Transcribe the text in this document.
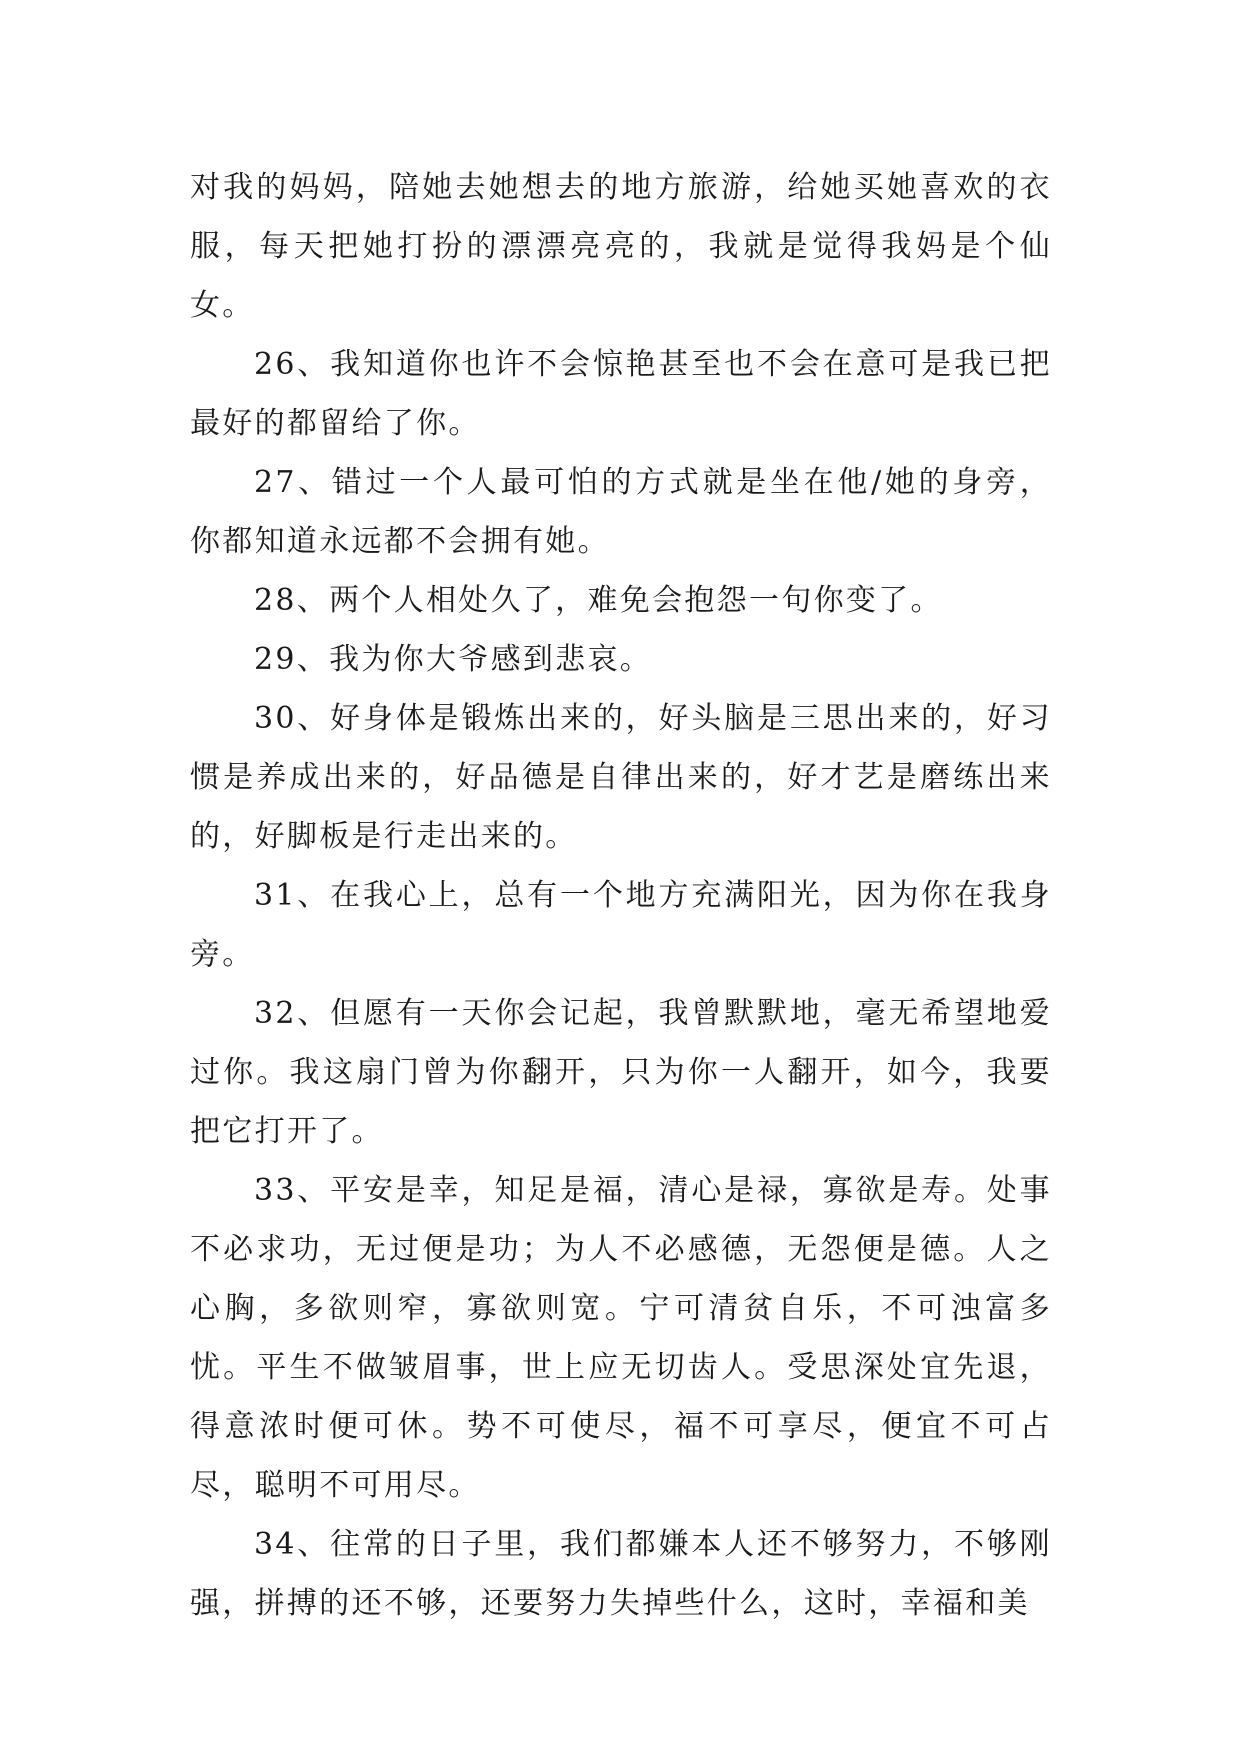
对我的妈妈，陪她去她想去的地方旅游，给她买她喜欢的衣服，每天把她打扮的漂漂亮亮的，我就是觉得我妈是个仙女。

26、我知道你也许不会惊艳甚至也不会在意可是我已把最好的都留给了你。

27、错过一个人最可怕的方式就是坐在他/她的身旁，你都知道永远都不会拥有她。

28、两个人相处久了，难免会抱怨一句你变了。

29、我为你大爷感到悲哀。

30、好身体是锻炼出来的，好头脑是三思出来的，好习惯是养成出来的，好品德是自律出来的，好才艺是磨练出来的，好脚板是行走出来的。

31、在我心上，总有一个地方充满阳光，因为你在我身旁。

32、但愿有一天你会记起，我曾默默地，毫无希望地爱过你。我这扇门曾为你翻开，只为你一人翻开，如今，我要把它打开了。

33、平安是幸，知足是福，清心是禄，寡欲是寿。处事不必求功，无过便是功；为人不必感德，无怨便是德。人之心胸，多欲则窄，寡欲则宽。宁可清贫自乐，不可浊富多忧。平生不做皱眉事，世上应无切齿人。受思深处宜先退，得意浓时便可休。势不可使尽，福不可享尽，便宜不可占尽，聪明不可用尽。

34、往常的日子里，我们都嫌本人还不够努力，不够刚强，拼搏的还不够，还要努力失掉些什么，这时，幸福和美
